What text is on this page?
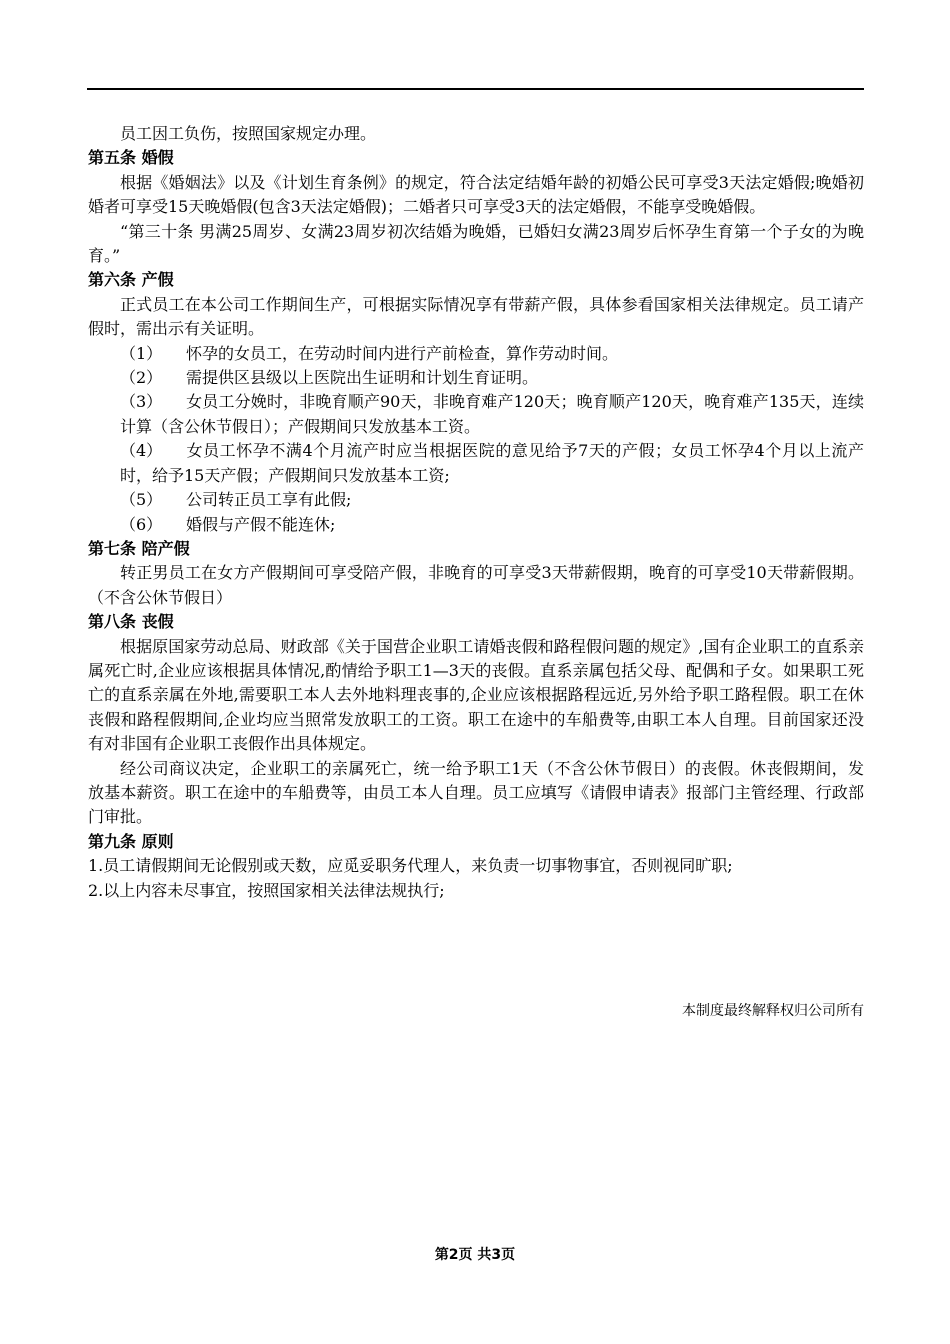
员工因工负伤，按照国家规定办理。

第五条 婚假

根据《婚姻法》以及《计划生育条例》的规定，符合法定结婚年龄的初婚公民可享受3天法定婚假;晚婚初婚者可享受15天晚婚假(包含3天法定婚假)；二婚者只可享受3天的法定婚假，不能享受晚婚假。

“第三十条 男满25周岁、女满23周岁初次结婚为晚婚，已婚妇女满23周岁后怀孕生育第一个子女的为晚育。”

第六条 产假

正式员工在本公司工作期间生产，可根据实际情况享有带薪产假，具体参看国家相关法律规定。员工请产假时，需出示有关证明。

（1） 怀孕的女员工，在劳动时间内进行产前检查，算作劳动时间。

（2） 需提供区县级以上医院出生证明和计划生育证明。

（3） 女员工分娩时，非晚育顺产90天，非晚育难产120天；晚育顺产120天，晚育难产135天，连续计算（含公休节假日）；产假期间只发放基本工资。

（4） 女员工怀孕不满4个月流产时应当根据医院的意见给予7天的产假；女员工怀孕4个月以上流产时，给予15天产假；产假期间只发放基本工资;

（5） 公司转正员工享有此假;

（6） 婚假与产假不能连休;

第七条 陪产假

转正男员工在女方产假期间可享受陪产假，非晚育的可享受3天带薪假期，晚育的可享受10天带薪假期。（不含公休节假日）

第八条 丧假

根据原国家劳动总局、财政部《关于国营企业职工请婚丧假和路程假问题的规定》,国有企业职工的直系亲属死亡时,企业应该根据具体情况,酌情给予职工1—3天的丧假。直系亲属包括父母、配偶和子女。如果职工死亡的直系亲属在外地,需要职工本人去外地料理丧事的,企业应该根据路程远近,另外给予职工路程假。职工在休丧假和路程假期间,企业均应当照常发放职工的工资。职工在途中的车船费等,由职工本人自理。目前国家还没有对非国有企业职工丧假作出具体规定。

经公司商议决定，企业职工的亲属死亡，统一给予职工1天（不含公休节假日）的丧假。休丧假期间，发放基本薪资。职工在途中的车船费等，由员工本人自理。员工应填写《请假申请表》报部门主管经理、行政部门审批。

第九条 原则

1.员工请假期间无论假别或天数，应觅妥职务代理人，来负责一切事物事宜，否则视同旷职;

2.以上内容未尽事宜，按照国家相关法律法规执行;

本制度最终解释权归公司所有
第2页 共3页
